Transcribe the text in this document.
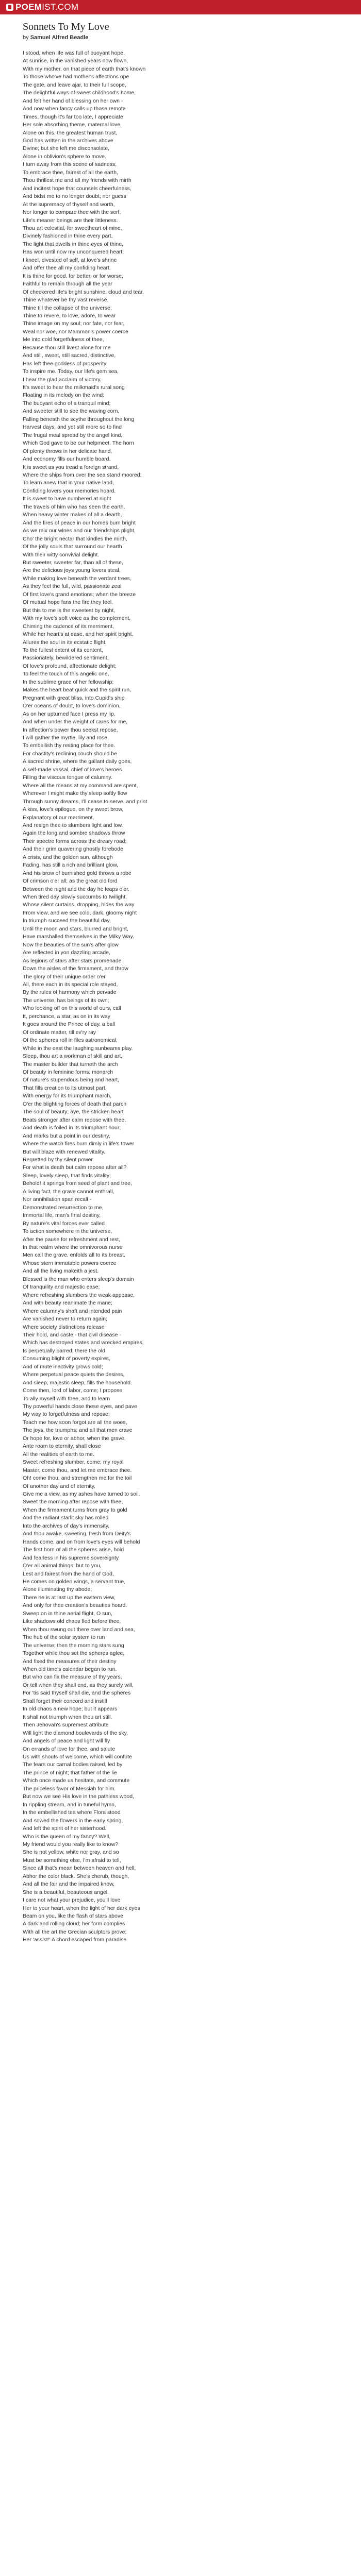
POEM IST.COM
Sonnets To My Love
by Samuel Alfred Beadle
I stood, when life was full of buoyant hope,
At sunrise, in the vanished years now flown,
With my mother, on that piece of earth that's known
To those who've had mother's affections ope
The gate, and leave ajar, to their full scope,
The delightful ways of sweet childhood's home,
And felt her hand of blessing on her own -
And now when fancy calls up those remote
Times, though it's far too late, I appreciate
Her sole absorbing theme, maternal love,
Alone on this, the greatest human trust,
God has written in the archives above
Divine; but she left me disconsolate,
Alone in oblivion's sphere to move.
I turn away from this scene of sadness,
To embrace thee, fairest of all the earth,
Thou thrillest me and all my friends with mirth
And incitest hope that counsels cheerfulness,
And bidst me to no longer doubt; nor guess
At the supremacy of thyself and worth,
Nor longer to compare thee with the serf;
Life's meaner beings are their littleness.
Thou art celestial, for sweetheart of mine,
Divinely fashioned in thine every part,
The light that dwells in thine eyes of thine,
Has won until now my unconquered heart;
I kneel, divested of self, at love's shrine
And offer thee all my confiding heart.
It is thine for good, for better, or for worse,
Faithful to remain through all the year
Of checkered life's bright sunshine, cloud and tear,
Thine whatever be thy vast reverse.
Thine till the collapse of the universe;
Thine to revere, to love, adore, to wear
Thine image on my soul; nor fate, nor fear,
Weal nor woe, nor Mammon's power coerce
Me into cold forgetfulness of thee,
Because thou still livest alone for me
And still, sweet, still sacred, distinctive,
Has left thee goddess of prosperity.
To inspire me. Today, our life's gem sea,
I hear the glad acclaim of victory.
It's sweet to hear the milkmaid's rural song
Floating in its melody on the wind;
The buoyant echo of a tranquil mind;
And sweeter still to see the waving corn,
Falling beneath the scythe throughout the long
Harvest days; and yet still more so to find
The frugal meal spread by the angel kind,
Which God gave to be our helpmeet. The horn
Of plenty throws in her delicate hand,
And economy fills our humble board.
It is sweet as you tread a foreign strand,
Where the ships from over the sea stand moored;
To learn anew that in your native land,
Confiding lovers your memories hoard.
It is sweet to have numbered at night
The travels of him who has seen the earth,
When heavy winter makes of all a dearth,
And the fires of peace in our homes burn bright
As we mix our wines and our friendships plight,
Cho' the bright nectar that kindles the mirth,
Of the jolly souls that surround our hearth
With their witty convivial delight.
But sweeter, sweeter far, than all of these,
Are the delicious joys young lovers steal,
While making love beneath the verdant trees,
As they feel the full, wild, passionate zeal
Of first love's grand emotions; when the breeze
Of mutual hope fans the fire they feel.
But this to me is the sweetest by night,
With my love's soft voice as the complement,
Chiming the cadence of its merriment,
While her heart's at ease, and her spirit bright,
Allures the soul in its ecstatic flight,
To the fullest extent of its content,
Passionately, bewildered sentiment,
Of love's profound, affectionate delight;
To feel the touch of this angelic one,
In the sublime grace of her fellowship;
Makes the heart beat quick and the spirit run,
Pregnant with great bliss, into Cupid's ship
O'er oceans of doubt, to love's dominion,
As on her upturned face I press my lip.
And when under the weight of cares for me,
In affection's bower thou seekst repose,
I will gather the myrtle, lily and rose,
To embellish thy resting place for thee.
For chastity's reclining couch should be
A sacred shrine, where the gallant daily goes,
A self-made vassal, chief of love's heroes
Filling the viscous tongue of calumny.
Where all the means at my command are spent,
Wherever I might make thy sleep softly flow
Through sunny dreams, I'll cease to serve, and print
A kiss, love's epilogue, on thy sweet brow,
Explanatory of our merriment,
And resign thee to slumbers light and low.
Again the long and sombre shadows throw
Their spectre forms across the dreary road;
And their grim quavering ghostly forebode
A crisis, and the golden sun, although
Fading, has still a rich and brilliant glow,
And his brow of burnished gold throws a robe
Of crimson o'er all; as the great old ford
Between the night and the day he leaps o'er.
When tired day slowly succumbs to twilight,
Whose silent curtains, dropping, hides the way
From view, and we see cold, dark, gloomy night
In triumph succeed the beautiful day,
Until the moon and stars, blurred and bright,
Have marshalled themselves in the Milky Way.
Now the beauties of the sun's after glow
Are reflected in yon dazzling arcade,
As legions of stars after stars promenade
Down the aisles of the firmament, and throw
The glory of their unique order o'er
All, there each in its special role stayed,
By the rules of harmony which pervade
The universe, has beings of its own;
Who looking off on this world of ours, call
It, perchance, a star, as on in its way
It goes around the Prince of day, a ball
Of ordinate matter, till ev'ry ray
Of the spheres roll in files astronomical,
While in the east the laughing sunbeams play.
Sleep, thou art a workman of skill and art,
The master builder that turneth the arch
Of beauty in feminine forms; monarch
Of nature's stupendous being and heart,
That fills creation to its utmost part,
With energy for its triumphant march,
O'er the blighting forces of death that parch
The soul of beauty; aye, the stricken heart
Beats stronger after calm repose with thee,
And death is foiled in its triumphant hour;
And marks but a point in our destiny,
Where the watch fires burn dimly in life's tower
But will blaze with renewed vitality,
Regretted by thy silent power.
For what is death but calm repose after all?
Sleep, lovely sleep, that finds vitality;
Behold! it springs from seed of plant and tree,
A living fact, the grave cannot enthrall,
Nor annihilation span recall -
Demonstrated resurrection to me,
Immortal life, man's final destiny,
By nature's vital forces ever called
To action somewhere in the universe,
After the pause for refreshment and rest,
In that realm where the omnivorous nurse
Men call the grave, enfolds all to its breast,
Whose stern immutable powers coerce
And all the living makeith a jest.
Blessed is the man who enters sleep's domain
Of tranquility and majestic ease;
Where refreshing slumbers the weak appease,
And with beauty reanimate the mane;
Where calumny's shaft and intended pain
Are vanished never to return again;
Where society distinctions release
Their hold, and caste - that civil disease -
Which has destroyed states and wrecked empires,
Is perpetually barred; there the old
Consuming blight of poverty expires,
And of mute inactivity grows cold;
Where perpetual peace quiets the desires,
And sleep, majestic sleep, fills the household.
Come then, lord of labor, come; I propose
To ally myself with thee, and to learn
Thy powerful hands close these eyes, and pave
My way to forgetfulness and repose;
Teach me how soon forgot are all the woes,
The joys, the triumphs; and all that men crave
Or hope for, love or abhor, when the grave,
Ante room to eternity, shall close
All the realities of earth to me.
Sweet refreshing slumber, come; my royal
Master, come thou, and let me embrace thee.
Oh! come thou, and strengthen me for the toil
Of another day and of eternity.
Give me a view, as my ashes have turned to soil.
Sweet the morning after repose with thee,
When the firmament turns from gray to gold
And the radiant starlit sky has rolled
Into the archives of day's immensity,
And thou awake, sweeting, fresh from Deity's
Hands come, and on from love's eyes will behold
The first born of all the spheres arise, bold
And fearless in his supreme sovereignty
O'er all animal things; but to you,
Lest and fairest from the hand of God,
He comes on golden wings, a servant true,
Alone illuminating thy abode;
There he is at last up the eastern view,
And only for thee creation's beauties hoard.
Sweep on in thine aerial flight, O sun,
Like shadows old chaos fled before thee,
When thou swung out there over land and sea,
The hub of the solar system to run
The universe; then the morning stars sung
Together while thou set the spheres aglee,
And fixed the measures of their destiny
When old time's calendar began to run.
But who can fix the measure of thy years,
Or tell when they shall end, as they surely will,
For 'tis said thyself shall die, and the spheres
Shall forget their concord and instill
In old chaos a new hope; but it appears
It shall not triumph when thou art still.
Then Jehovah's supremest attribute
Will light the diamond boulevards of the sky,
And angels of peace and light will fly
On errands of love for thee, and salute
Us with shouts of welcome, which will confute
The fears our carnal bodies raised, led by
The prince of night; that father of the lie
Which once made us hesitate, and commute
The priceless favor of Messiah for him.
But now we see His love in the pathless wood,
In rippling stream, and in tuneful hymn,
In the embellished tea where Flora stood
And sowed the flowers in the early spring,
And left the spirit of her sisterhood.
Who is the queen of my fancy? Well,
My friend would you really like to know?
She is not yellow, white nor gray, and so
Must be something else, I'm afraid to tell,
Since all that's mean between heaven and hell,
Abhor the color black. She's cherub, though,
And all the fair and the impaired know,
She is a beautiful, beauteous angel.
I care not what your prejudice, you'll love
Her to your heart, when the light of her dark eyes
Beam on you, like the flash of stars above
A dark and rolling cloud; her form complies
With all the art the Grecian sculptors prove;
Her 'assist!' A chord escaped from paradise.
